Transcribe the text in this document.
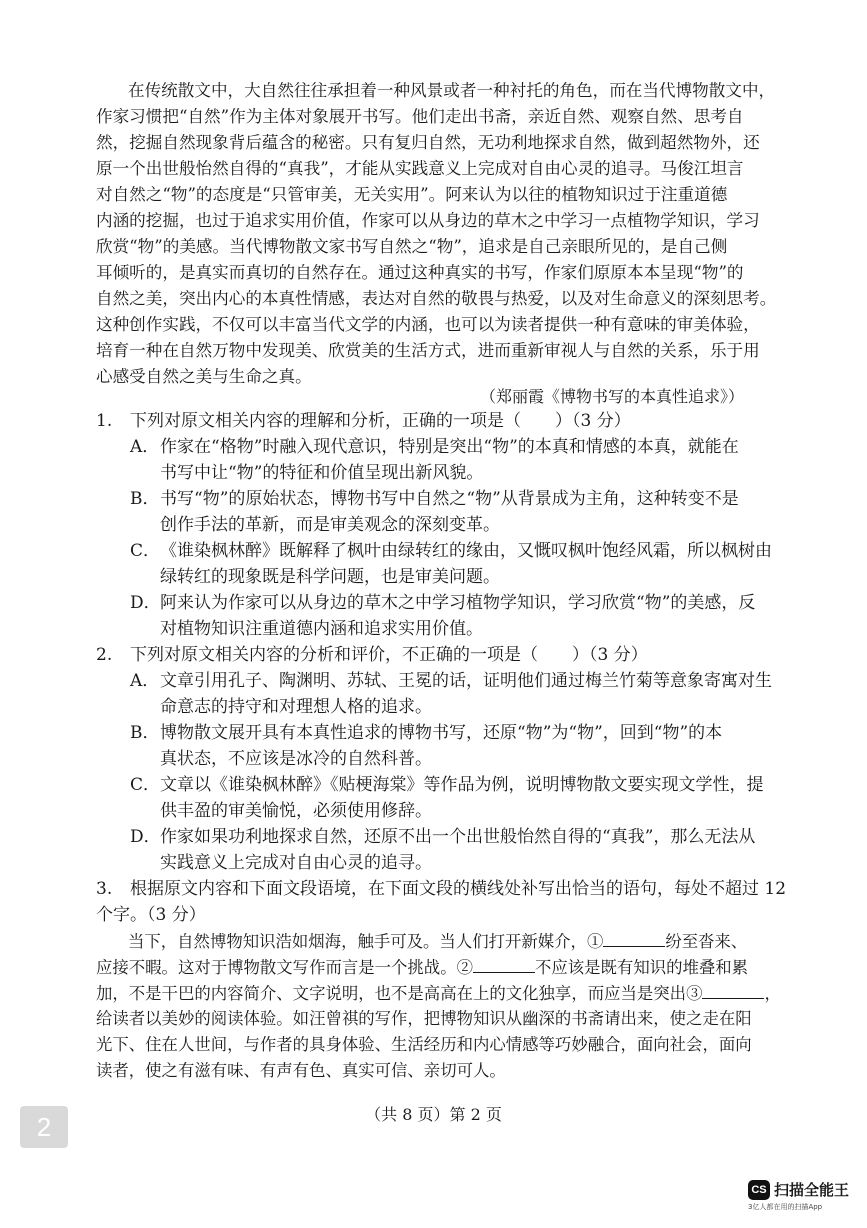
在传统散文中，大自然往往承担着一种风景或者一种衬托的角色，而在当代博物散文中，
作家习惯把“自然”作为主体对象展开书写。他们走出书斋，亲近自然、观察自然、思考自
然，挖掘自然现象背后蕴含的秘密。只有复归自然，无功利地探求自然，做到超然物外，还
原一个出世般怡然自得的“真我”，才能从实践意义上完成对自由心灵的追寻。马俊江坦言
对自然之“物”的态度是“只管审美，无关实用”。阿来认为以往的植物知识过于注重道德
内涵的挖掘，也过于追求实用价值，作家可以从身边的草木之中学习一点植物学知识，学习
欣赏“物”的美感。当代博物散文家书写自然之“物”，追求是自己亲眼所见的，是自己侧
耳倾听的，是真实而真切的自然存在。通过这种真实的书写，作家们原原本本呈现“物”的
自然之美，突出内心的本真性情感，表达对自然的敬畏与热爱，以及对生命意义的深刻思考。
这种创作实践，不仅可以丰富当代文学的内涵，也可以为读者提供一种有意味的审美体验，
培育一种在自然万物中发现美、欣赏美的生活方式，进而重新审视人与自然的关系，乐于用
心感受自然之美与生命之真。
（郑丽霞《博物书写的本真性追求》）
1. 下列对原文相关内容的理解和分析，正确的一项是（　　）（3 分）
A． 作家在“格物”时融入现代意识，特别是突出“物”的本真和情感的本真，就能在
书写中让“物”的特征和价值呈现出新风貌。
B． 书写“物”的原始状态，博物书写中自然之“物”从背景成为主角，这种转变不是
创作手法的革新，而是审美观念的深刻变革。
C． 《谁染枫林醉》既解释了枫叶由绿转红的缘由，又慨叹枫叶饱经风霜，所以枫树由
绿转红的现象既是科学问题，也是审美问题。
D． 阿来认为作家可以从身边的草木之中学习植物学知识，学习欣赏“物”的美感，反
对植物知识注重道德内涵和追求实用价值。
2. 下列对原文相关内容的分析和评价，不正确的一项是（　　）（3 分）
A． 文章引用孔子、陶渊明、苏轼、王冕的话，证明他们通过梅兰竹菊等意象寄寓对生
命意志的持守和对理想人格的追求。
B． 博物散文展开具有本真性追求的博物书写，还原“物”为“物”，回到“物”的本
真状态，不应该是冰冷的自然科普。
C． 文章以《谁染枫林醉》《贴梗海棠》等作品为例，说明博物散文要实现文学性，提
供丰盈的审美愉悦，必须使用修辞。
D． 作家如果功利地探求自然，还原不出一个出世般怡然自得的“真我”，那么无法从
实践意义上完成对自由心灵的追寻。
3. 根据原文内容和下面文段语境，在下面文段的横线处补写出恰当的语句，每处不超过 12
个字。（3 分）
当下，自然博物知识浩如烟海，触手可及。当人们打开新媒介，①	纷至沓来、
应接不暇。这对于博物散文写作而言是一个挑战。②	不应该是既有知识的堆叠和累
加，不是干巴的内容简介、文字说明，也不是高高在上的文化独享，而应当是突出③	，
给读者以美妙的阅读体验。如汪曾祺的写作，把博物知识从幽深的书斋请出来，使之走在阳
光下、住在人世间，与作者的具身体验、生活经历和内心情感等巧妙融合，面向社会，面向
读者，使之有滋有味、有声有色、真实可信、亲切可人。
（共 8 页）第 2 页
2
CS 扫描全能王
3亿人都在用的扫描App
